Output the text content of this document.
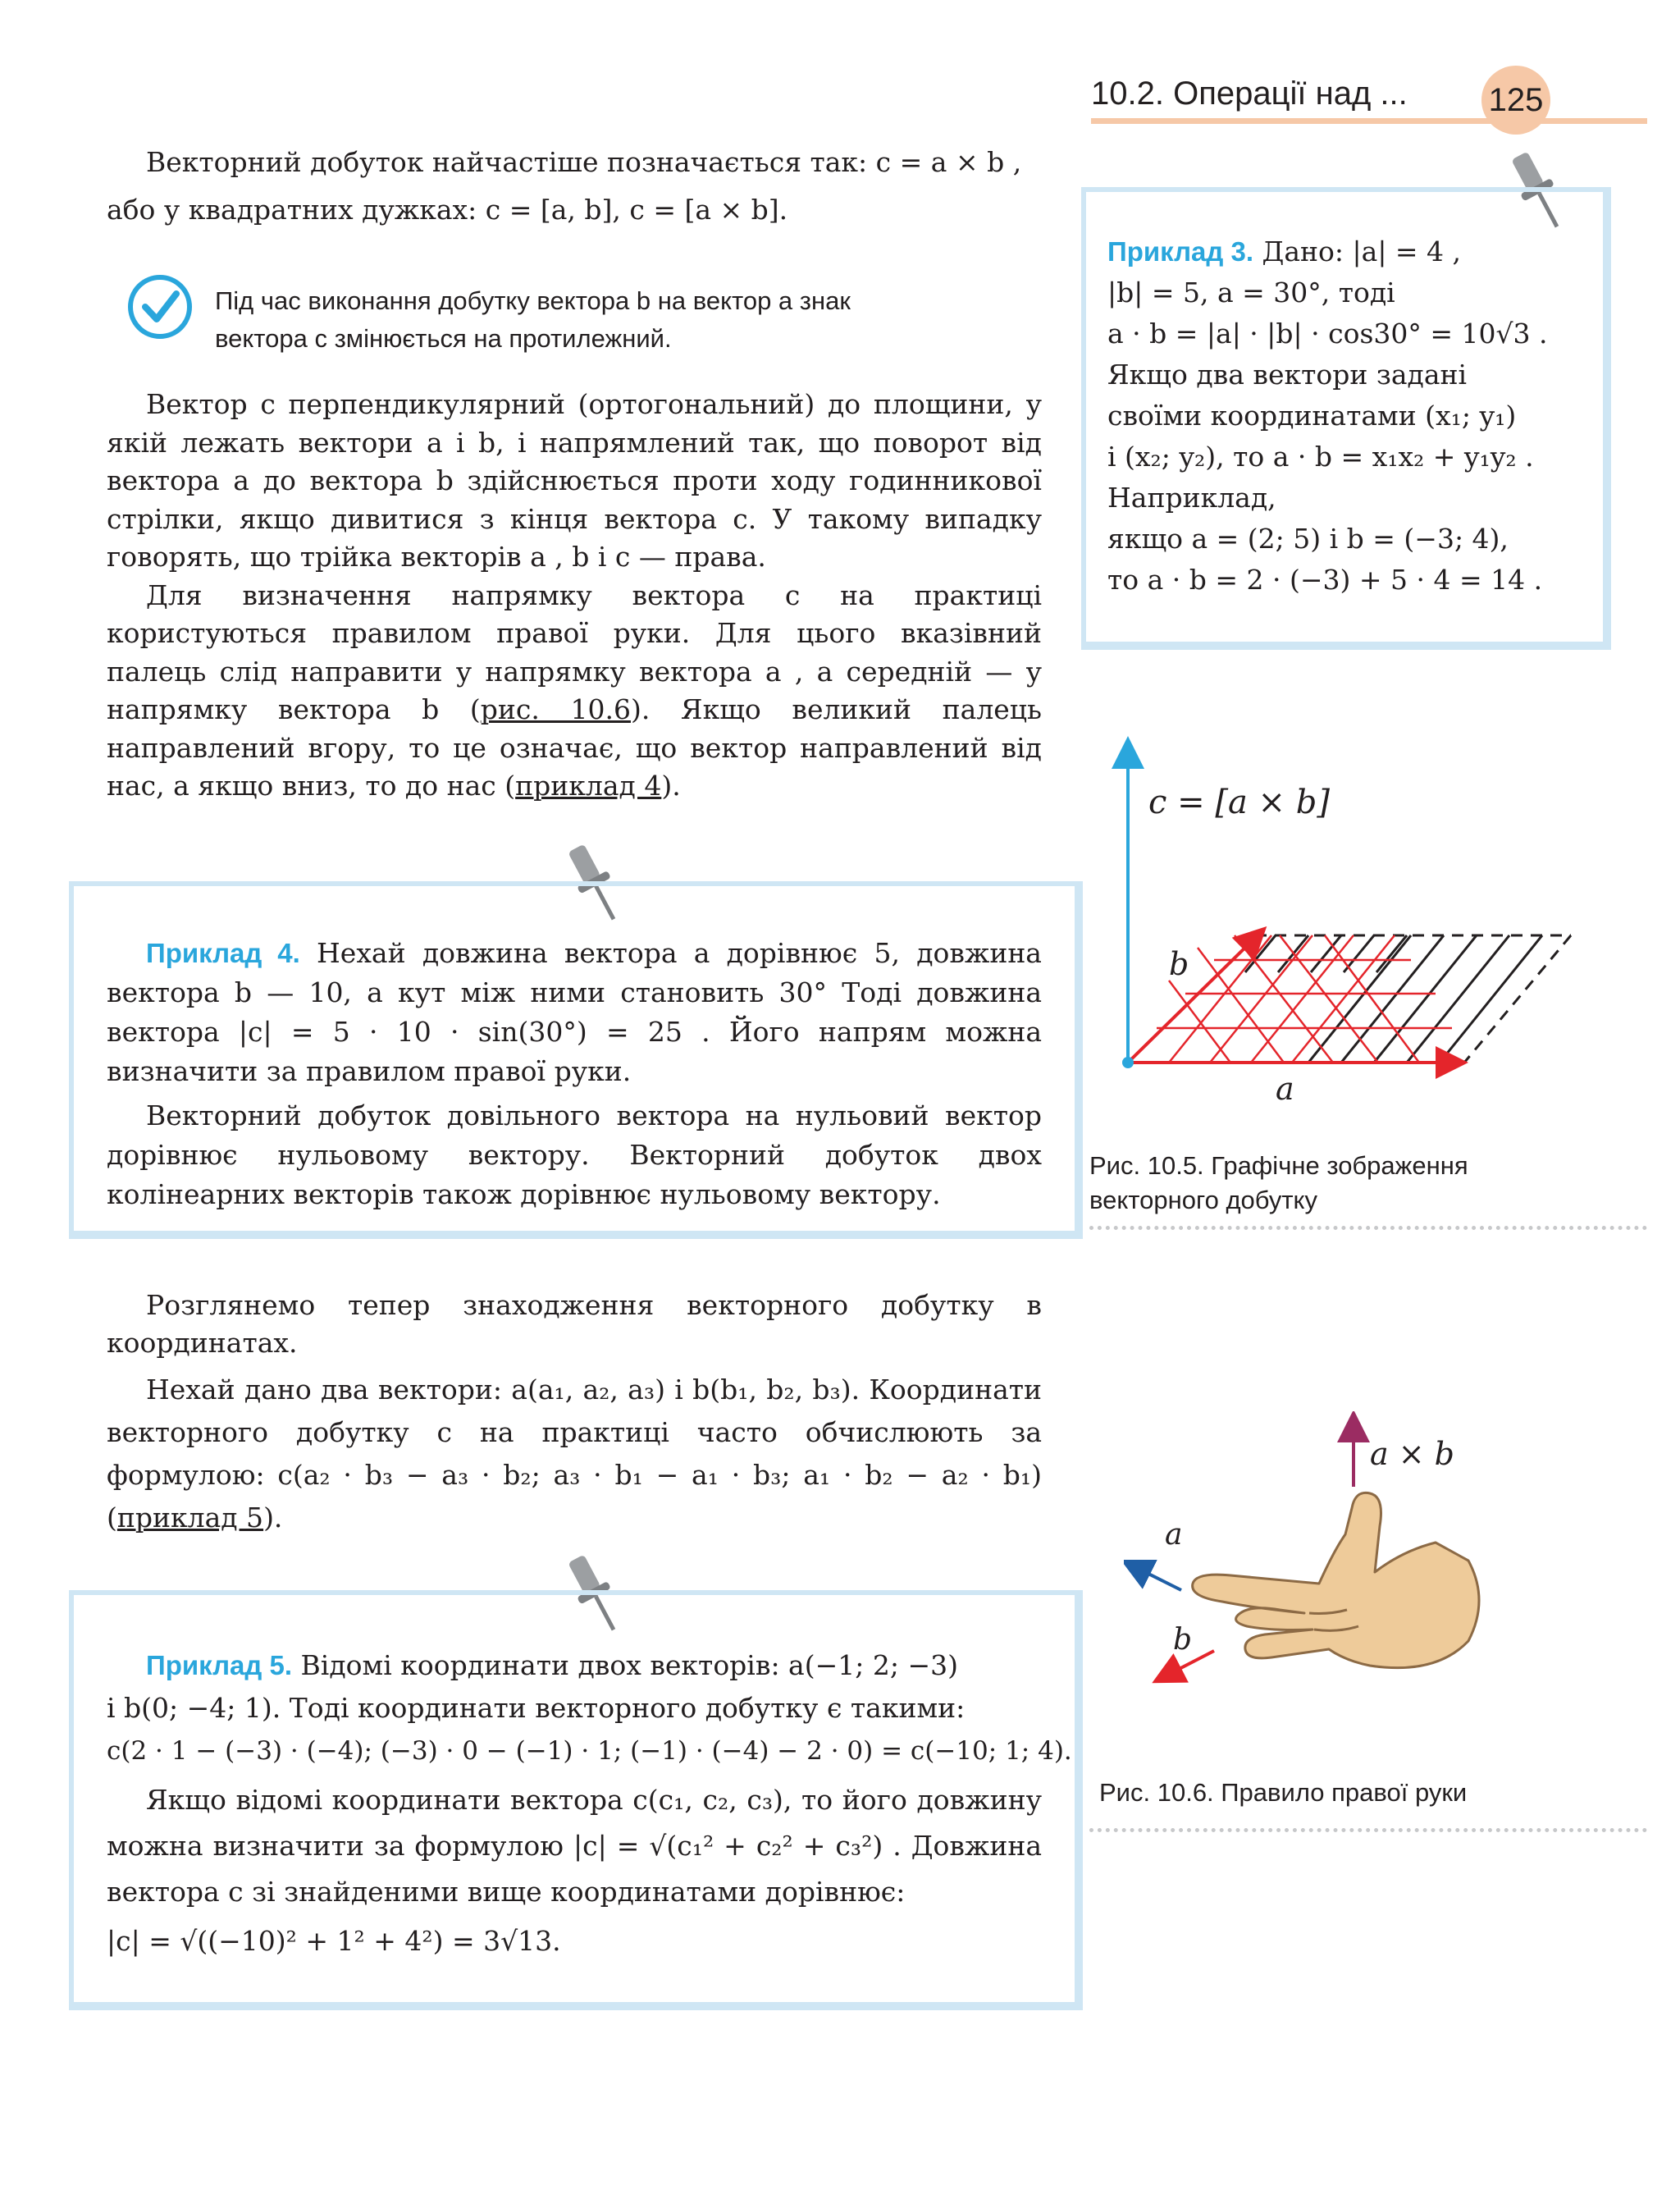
10.2. Операції над ... 125

Векторний добуток найчастіше позначається так: c = a × b ,

або у квадратних дужках: c = [a, b], c = [a × b].

Під час виконання добутку вектора b на вектор a знак
вектора c змінюється на протилежний.

Вектор c перпендикулярний (ортогональний) до площини, у якій лежать вектори a і b, і напрямлений так, що поворот від вектора a до вектора b здійснюється проти ходу годинникової стрілки, якщо дивитися з кінця вектора c. У такому випадку говорять, що трійка векторів a , b і c — права.

Для визначення напрямку вектора c на практиці користуються правилом правої руки. Для цього вказівний палець слід направити у напрямку вектора a , а середній — у напрямку вектора b (рис. 10.6). Якщо великий палець направлений вгору, то це означає, що вектор направлений від нас, а якщо вниз, то до нас (приклад 4).

Приклад 3. Дано: |a| = 4 ,
|b| = 5, a = 30°, тоді
a · b = |a| · |b| · cos30° = 10√3 .
Якщо два вектори задані
своїми координатами (x₁; y₁)
і (x₂; y₂), то a · b = x₁x₂ + y₁y₂ .
Наприклад,
якщо a = (2; 5) і b = (−3; 4),
то a · b = 2 · (−3) + 5 · 4 = 14 .
c = [a × b]
b
a
Рис. 10.5. Графічне зображення
векторного добутку

Приклад 4. Нехай довжина вектора a дорівнює 5, довжина вектора b — 10, а кут між ними становить 30° Тоді довжина вектора |c| = 5 · 10 · sin(30°) = 25 . Його напрям можна визначити за правилом правої руки.

Векторний добуток довільного вектора на нульовий вектор дорівнює нульовому вектору. Векторний добуток двох колінеарних векторів також дорівнює нульовому вектору.

Розглянемо тепер знаходження векторного добутку в координатах.

Нехай дано два вектори: a(a₁, a₂, a₃) і b(b₁, b₂, b₃). Координати векторного добутку c на практиці часто обчислюють за формулою: c(a₂ · b₃ − a₃ · b₂; a₃ · b₁ − a₁ · b₃; a₁ · b₂ − a₂ · b₁) (приклад 5).

a × b
a
b
Рис. 10.6. Правило правої руки

Приклад 5. Відомі координати двох векторів: a(−1; 2; −3)

і b(0; −4; 1). Тоді координати векторного добутку є такими:

c(2 · 1 − (−3) · (−4); (−3) · 0 − (−1) · 1; (−1) · (−4) − 2 · 0) = c(−10; 1; 4).

Якщо відомі координати вектора c(c₁, c₂, c₃), то його довжину можна визначити за формулою |c| = √(c₁² + c₂² + c₃²) . Довжина вектора c зі знайденими вище координатами дорівнює:

|c| = √((−10)² + 1² + 4²) = 3√13.
